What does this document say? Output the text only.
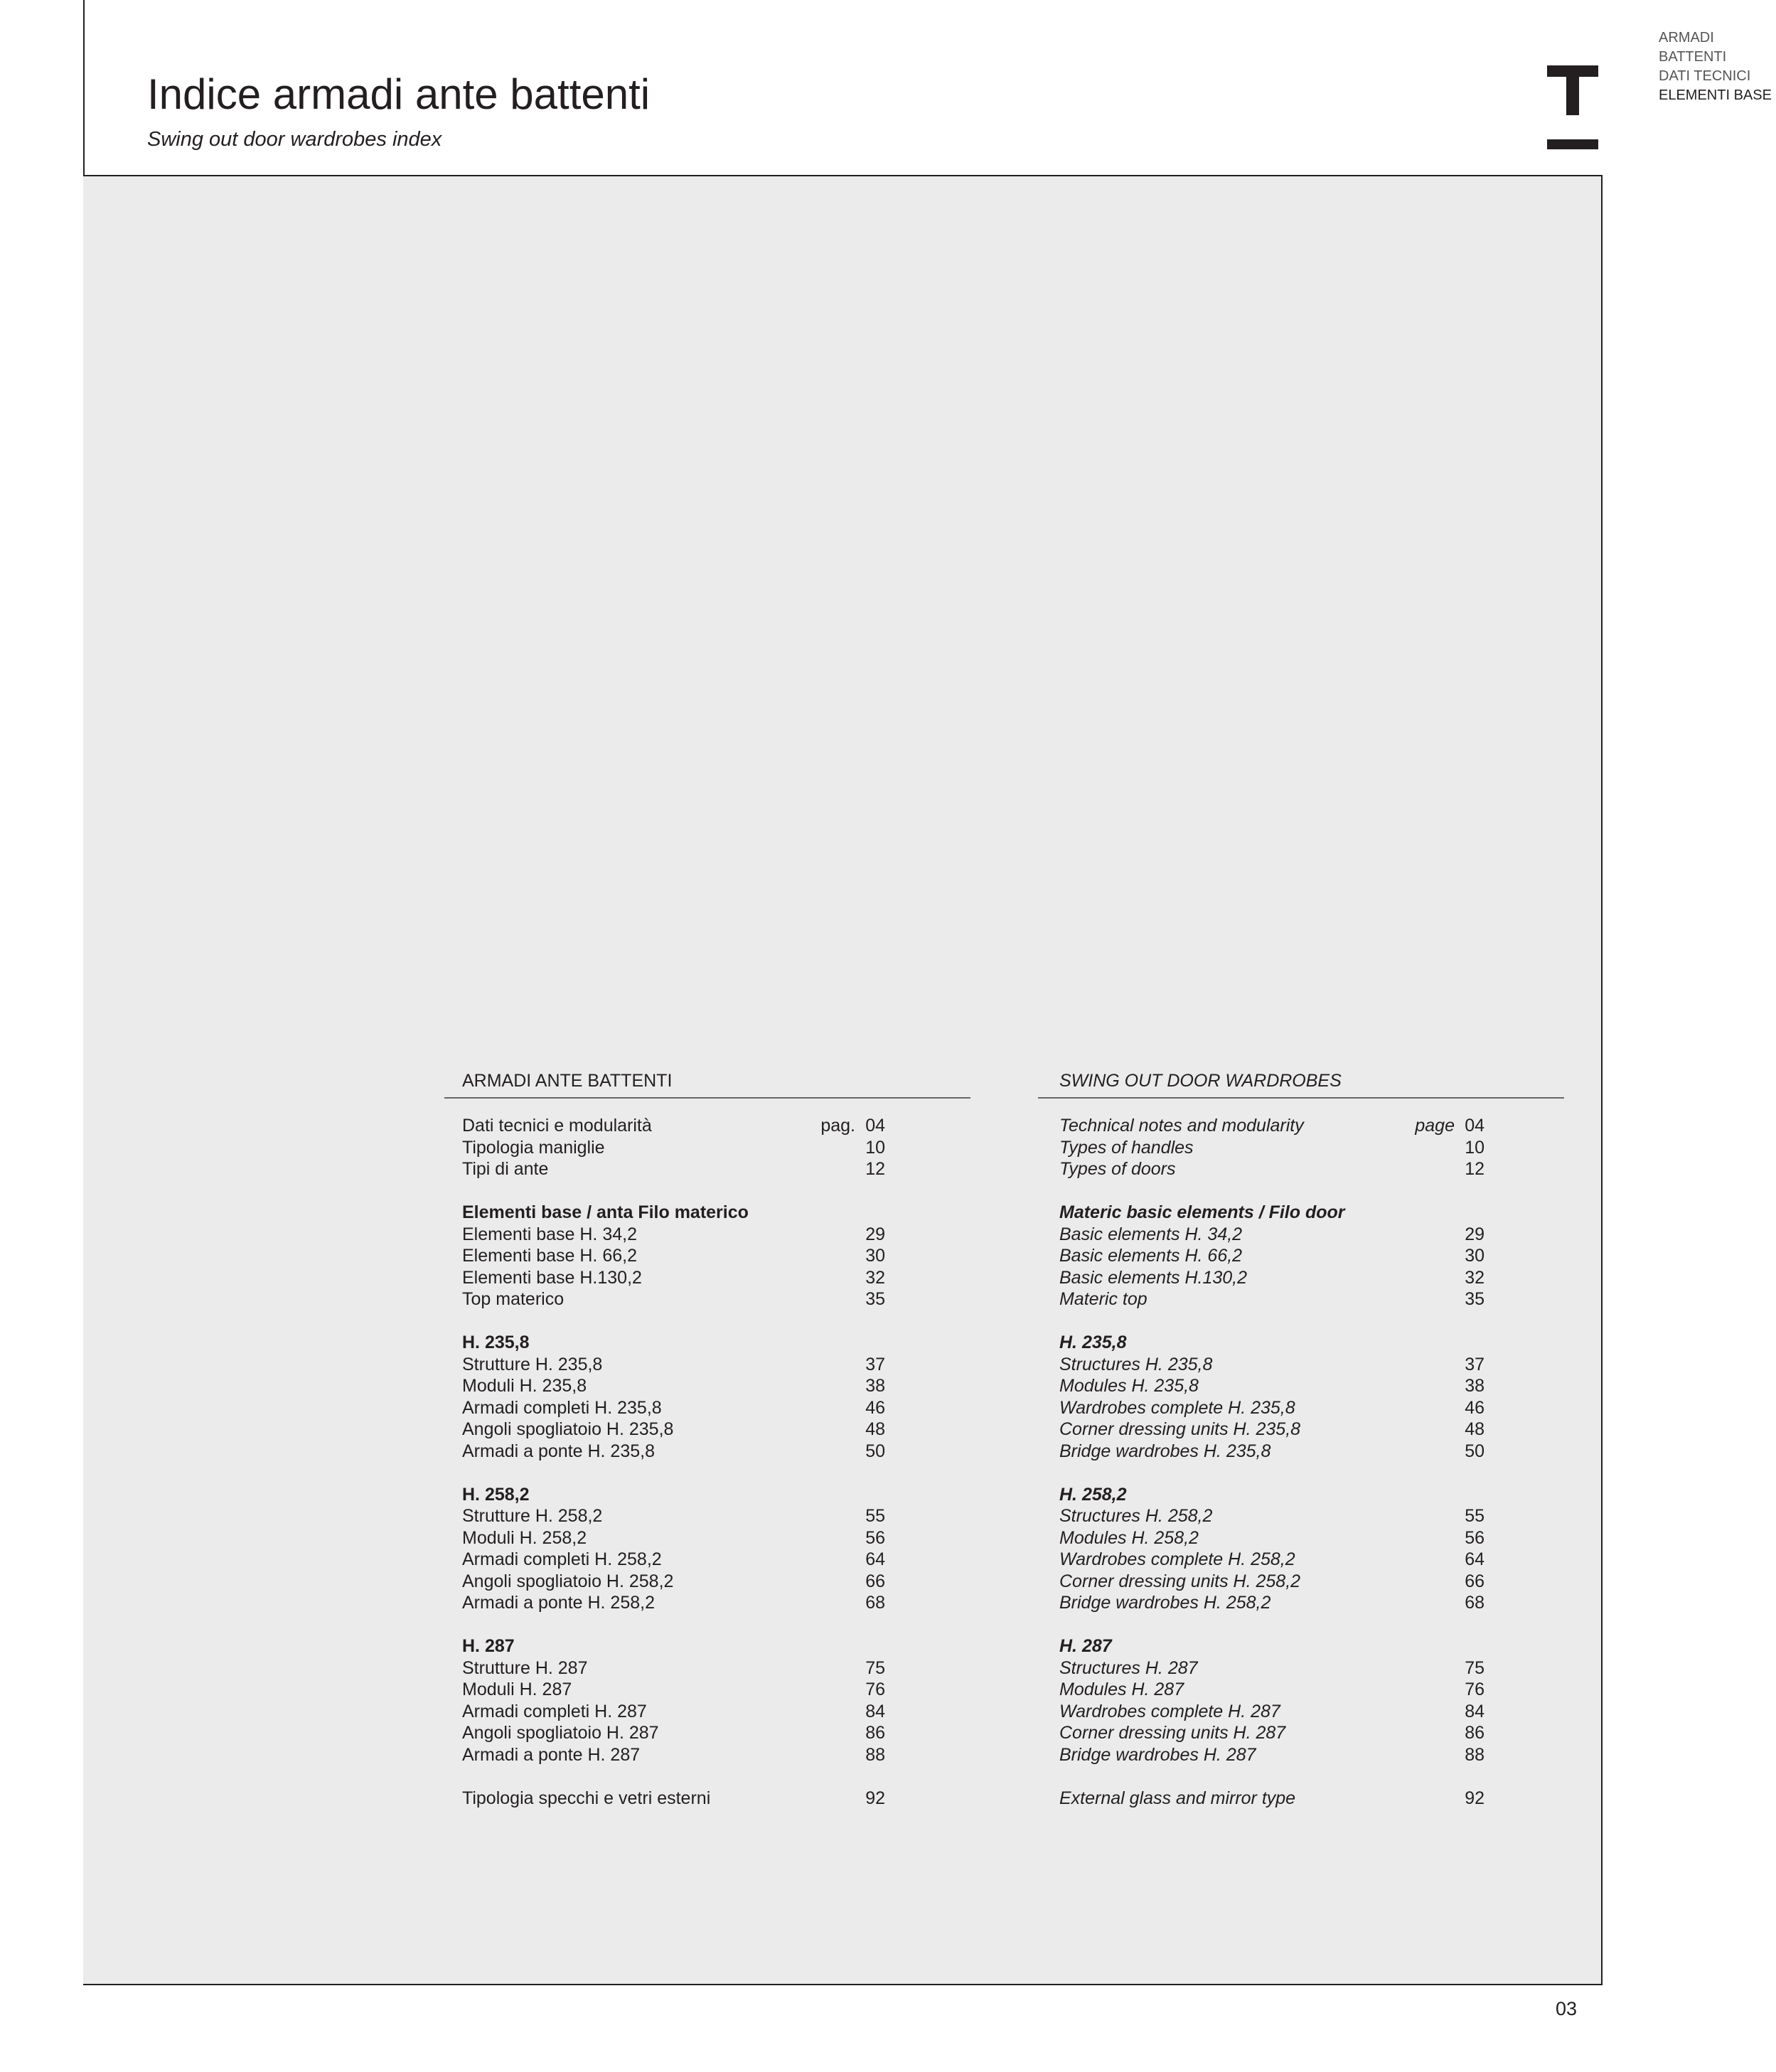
Indice armadi ante battenti
Swing out door wardrobes index
ARMADI
BATTENTI
DATI TECNICI
ELEMENTI BASE
ARMADI ANTE BATTENTI
Dati tecnici e modularità	pag. 04
Tipologia maniglie	10
Tipi di ante	12
Elementi base / anta Filo materico
Elementi base H. 34,2	29
Elementi base H. 66,2	30
Elementi base H.130,2	32
Top materico	35
H. 235,8
Strutture H. 235,8	37
Moduli H. 235,8	38
Armadi completi H. 235,8	46
Angoli spogliatoio H. 235,8	48
Armadi a ponte H. 235,8	50
H. 258,2
Strutture H. 258,2	55
Moduli H. 258,2	56
Armadi completi H. 258,2	64
Angoli spogliatoio H. 258,2	66
Armadi a ponte H. 258,2	68
H. 287
Strutture H. 287	75
Moduli H. 287	76
Armadi completi H. 287	84
Angoli spogliatoio H. 287	86
Armadi a ponte H. 287	88
Tipologia specchi e vetri esterni	92
SWING OUT DOOR WARDROBES
Technical notes and modularity	page 04
Types of handles	10
Types of doors	12
Materic basic elements / Filo door
Basic elements H. 34,2	29
Basic elements H. 66,2	30
Basic elements H.130,2	32
Materic top	35
H. 235,8
Structures H. 235,8	37
Modules H. 235,8	38
Wardrobes complete H. 235,8	46
Corner dressing units H. 235,8	48
Bridge wardrobes H. 235,8	50
H. 258,2
Structures H. 258,2	55
Modules H. 258,2	56
Wardrobes complete H. 258,2	64
Corner dressing units H. 258,2	66
Bridge wardrobes H. 258,2	68
H. 287
Structures H. 287	75
Modules H. 287	76
Wardrobes complete H. 287	84
Corner dressing units H. 287	86
Bridge wardrobes H. 287	88
External glass and mirror type	92
03
